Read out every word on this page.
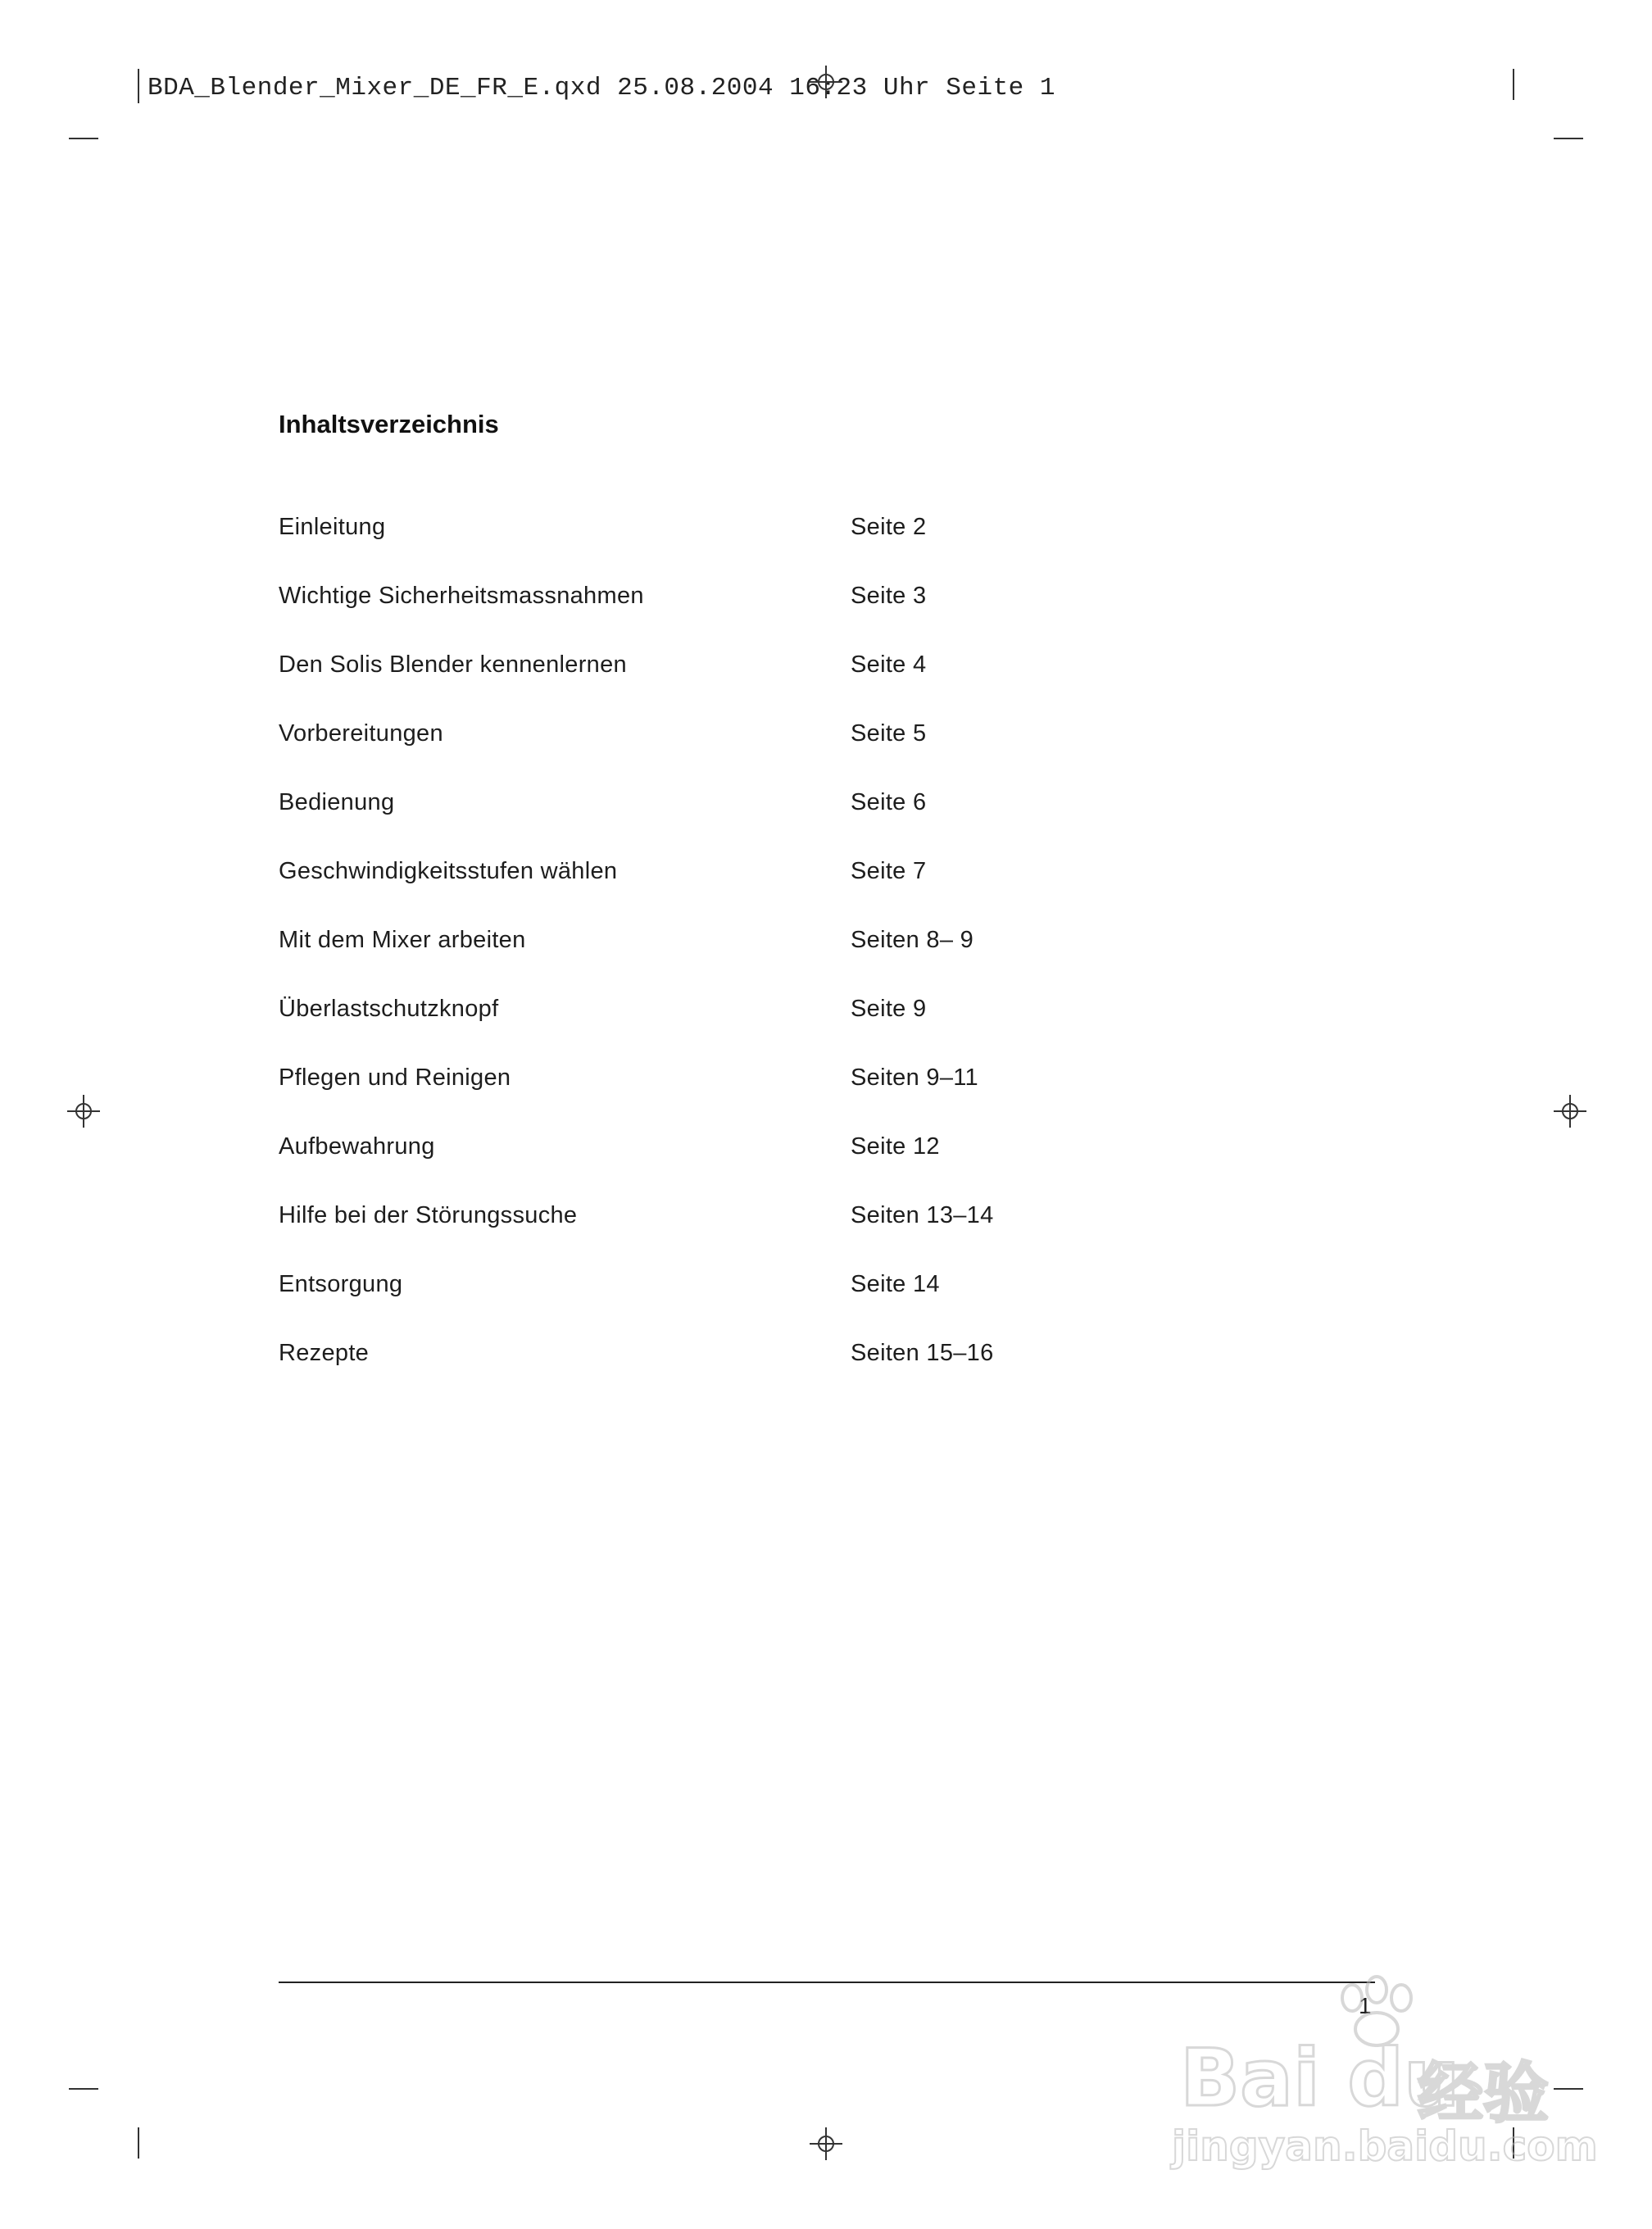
BDA_Blender_Mixer_DE_FR_E.qxd 25.08.2004 16:23 Uhr Seite 1
Inhaltsverzeichnis
Einleitung	Seite 2
Wichtige Sicherheitsmassnahmen	Seite 3
Den Solis Blender kennenlernen	Seite 4
Vorbereitungen	Seite 5
Bedienung	Seite 6
Geschwindigkeitsstufen wählen	Seite 7
Mit dem Mixer arbeiten	Seiten 8– 9
Überlastschutzknopf	Seite 9
Pflegen und Reinigen	Seiten 9–11
Aufbewahrung	Seite 12
Hilfe bei der Störungssuche	Seiten 13–14
Entsorgung	Seite 14
Rezepte	Seiten 15–16
1
Bai du
经验
jingyan.baidu.com
